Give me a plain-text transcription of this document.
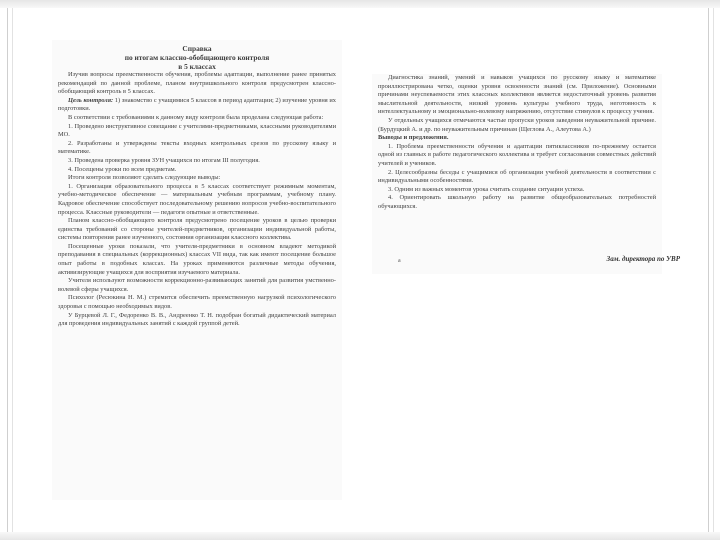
Справка
по итогам классно-обобщающего контроля
в 5 классах

Изучив вопросы преемственности обучения, проблемы адаптации, выполнение ранее принятых рекомендаций по данной проблеме, планом внутришкольного контроля предусмотрен классно-обобщающий контроль в 5 классах.

Цель контроля: 1) знакомство с учащимися 5 классов в период адаптации; 2) изучение уровня их подготовки.

В соответствии с требованиями к данному виду контроля была проделана следующая работа:

1. Проведено инструктивное совещание с учителями-предметниками, классными руководителями МО.

2. Разработаны и утверждены тексты входных контрольных срезов по русскому языку и математике.

3. Проведена проверка уровня ЗУН учащихся по итогам III полугодия.

4. Посещены уроки по всем предметам.

Итоги контроля позволяют сделать следующие выводы:

1. Организация образовательного процесса в 5 классах соответствует режимным моментам, учебно-методическое обеспечение — материальным учебным программам, учебному плану. Кадровое обеспечение способствует последовательному решению вопросов учебно-воспитательного процесса. Классные руководители — педагоги опытные и ответственные.

Планом классно-обобщающего контроля предусмотрено посещение уроков в целью проверки единства требований со стороны учителей-предметников, организации индивидуальной работы, системы повторения ранее изученного, состояния организации классного коллектива.

Посещенные уроки показали, что учителя-предметники в основном владеют методикой преподавания в специальных (коррекционных) классах VII вида, так как имеют посещение большое опыт работы в подобных классах. На уроках применяются различные методы обучения, активизирующие учащихся для восприятия изучаемого материала.

Учителя используют возможности коррекционно-развивающих занятий для развития умственно-волевой сферы учащихся.

Психолог (Ресюкина Н. М.) стремится обеспечить преемственную нагрузкой психологического здоровья с помощью необходимых видов.

У Бурцевой Л. Г., Федоренко В. В., Андреенко Т. Н. подобран богатый дидактический материал для проведения индивидуальных занятий с каждой группой детей.

Диагностика знаний, умений и навыков учащихся по русскому языку и математике проиллюстрирована четко, оценки уровня освоенности знаний (см. Приложение). Основными причинами неуспеваемости этих классных коллективов является недостаточный уровень развития мыслительной деятельности, низкий уровень культуры учебного труда, неготовность к интеллектуальному и эмоционально-волевому напряжению, отсутствие стимулов к процессу учения.

У отдельных учащихся отмечаются частые пропуски уроков заведения неуважительной причине. (Бурдуцкий А. и др. по неуважительным причинам (Щеглова А., Алеутова А.)

Выводы и предложения.

1. Проблема преемственности обучения и адаптации пятиклассников по-прежнему остается одной из главных в работе педагогического коллектива и требует согласования совместных действий учителей и учеников.

2. Целесообразны беседы с учащимися об организации учебной деятельности в соответствии с индивидуальными особенностями.

3. Одним из важных моментов урока считать создание ситуации успеха.

4. Ориентировать школьную работу на развитие общеобразовательных потребностей обучающихся.

а	Зам. директора по УВР
